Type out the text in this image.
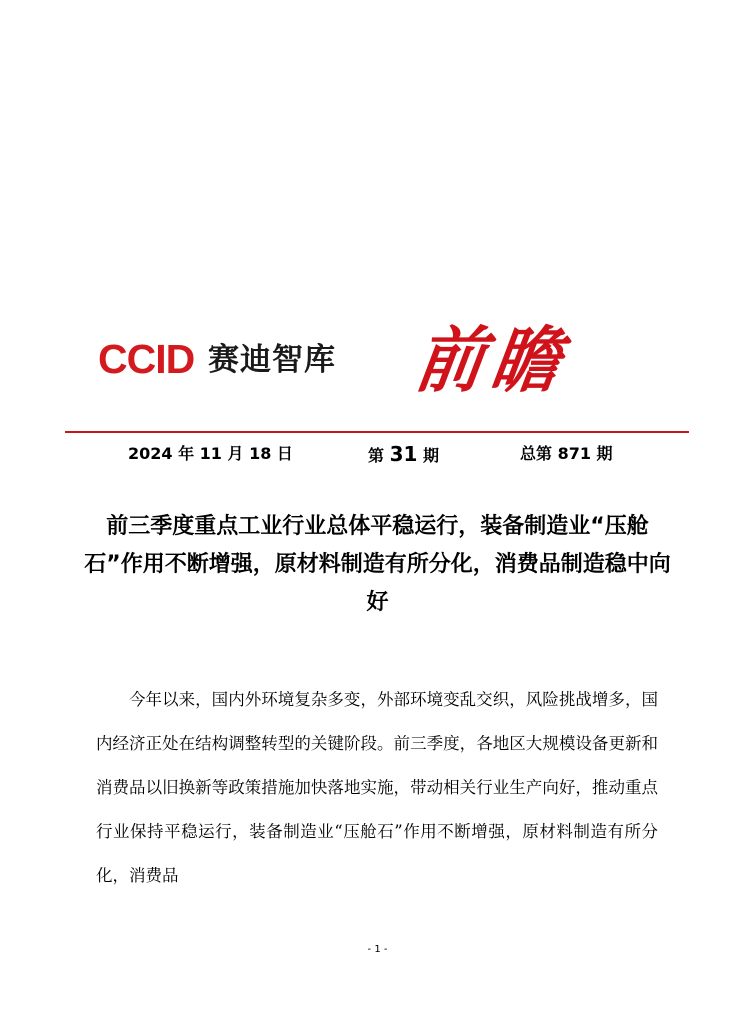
CCID 赛迪智库 前瞻
2024 年 11 月 18 日	第 31 期	总第 871 期
前三季度重点工业行业总体平稳运行，装备制造业“压舱石”作用不断增强，原材料制造有所分化，消费品制造稳中向好
今年以来，国内外环境复杂多变，外部环境变乱交织，风险挑战增多，国内经济正处在结构调整转型的关键阶段。前三季度，各地区大规模设备更新和消费品以旧换新等政策措施加快落地实施，带动相关行业生产向好，推动重点行业保持平稳运行，装备制造业“压舱石”作用不断增强，原材料制造有所分化，消费品
- 1 -
